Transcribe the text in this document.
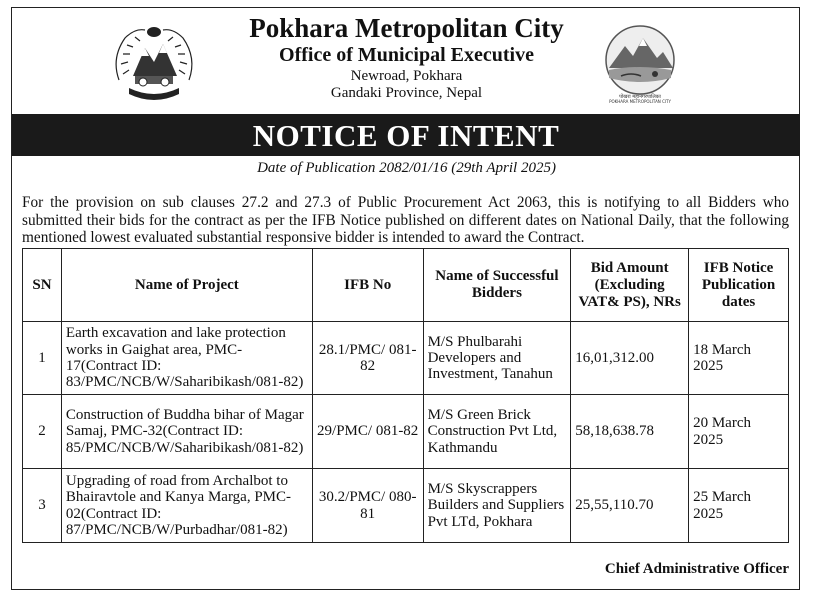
Pokhara Metropolitan City
Office of Municipal Executive
Newroad, Pokhara
Gandaki Province, Nepal	पोखरा महानगरपालिका
POKHARA METROPOLITAN CITY
NOTICE OF INTENT
Date of Publication 2082/01/16 (29th April 2025)
For the provision on sub clauses 27.2 and 27.3 of Public Procurement Act 2063, this is notifying to all Bidders who submitted their bids for the contract as per the IFB Notice published on different dates on National Daily, that the following mentioned lowest evaluated substantial responsive bidder is intended to award the Contract.
SN	Name of Project	IFB No	Name of Successful Bidders	Bid Amount (Excluding VAT& PS), NRs	IFB Notice Publication dates
1	Earth excavation and lake protection works in Gaighat area, PMC-17(Contract ID: 83/PMC/NCB/W/Saharibikash/081-82)	28.1/PMC/ 081-82	M/S Phulbarahi Developers and Investment, Tanahun	16,01,312.00	18 March 2025
2	Construction of Buddha bihar of Magar Samaj, PMC-32(Contract ID: 85/PMC/NCB/W/Saharibikash/081-82)	29/PMC/ 081-82	M/S Green Brick Construction Pvt Ltd, Kathmandu	58,18,638.78	20 March 2025
3	Upgrading of road from Archalbot to Bhairavtole and Kanya Marga, PMC-02(Contract ID: 87/PMC/NCB/W/Purbadhar/081-82)	30.2/PMC/ 080-81	M/S Skyscrappers Builders and Suppliers Pvt LTd, Pokhara	25,55,110.70	25 March 2025
Chief Administrative Officer
